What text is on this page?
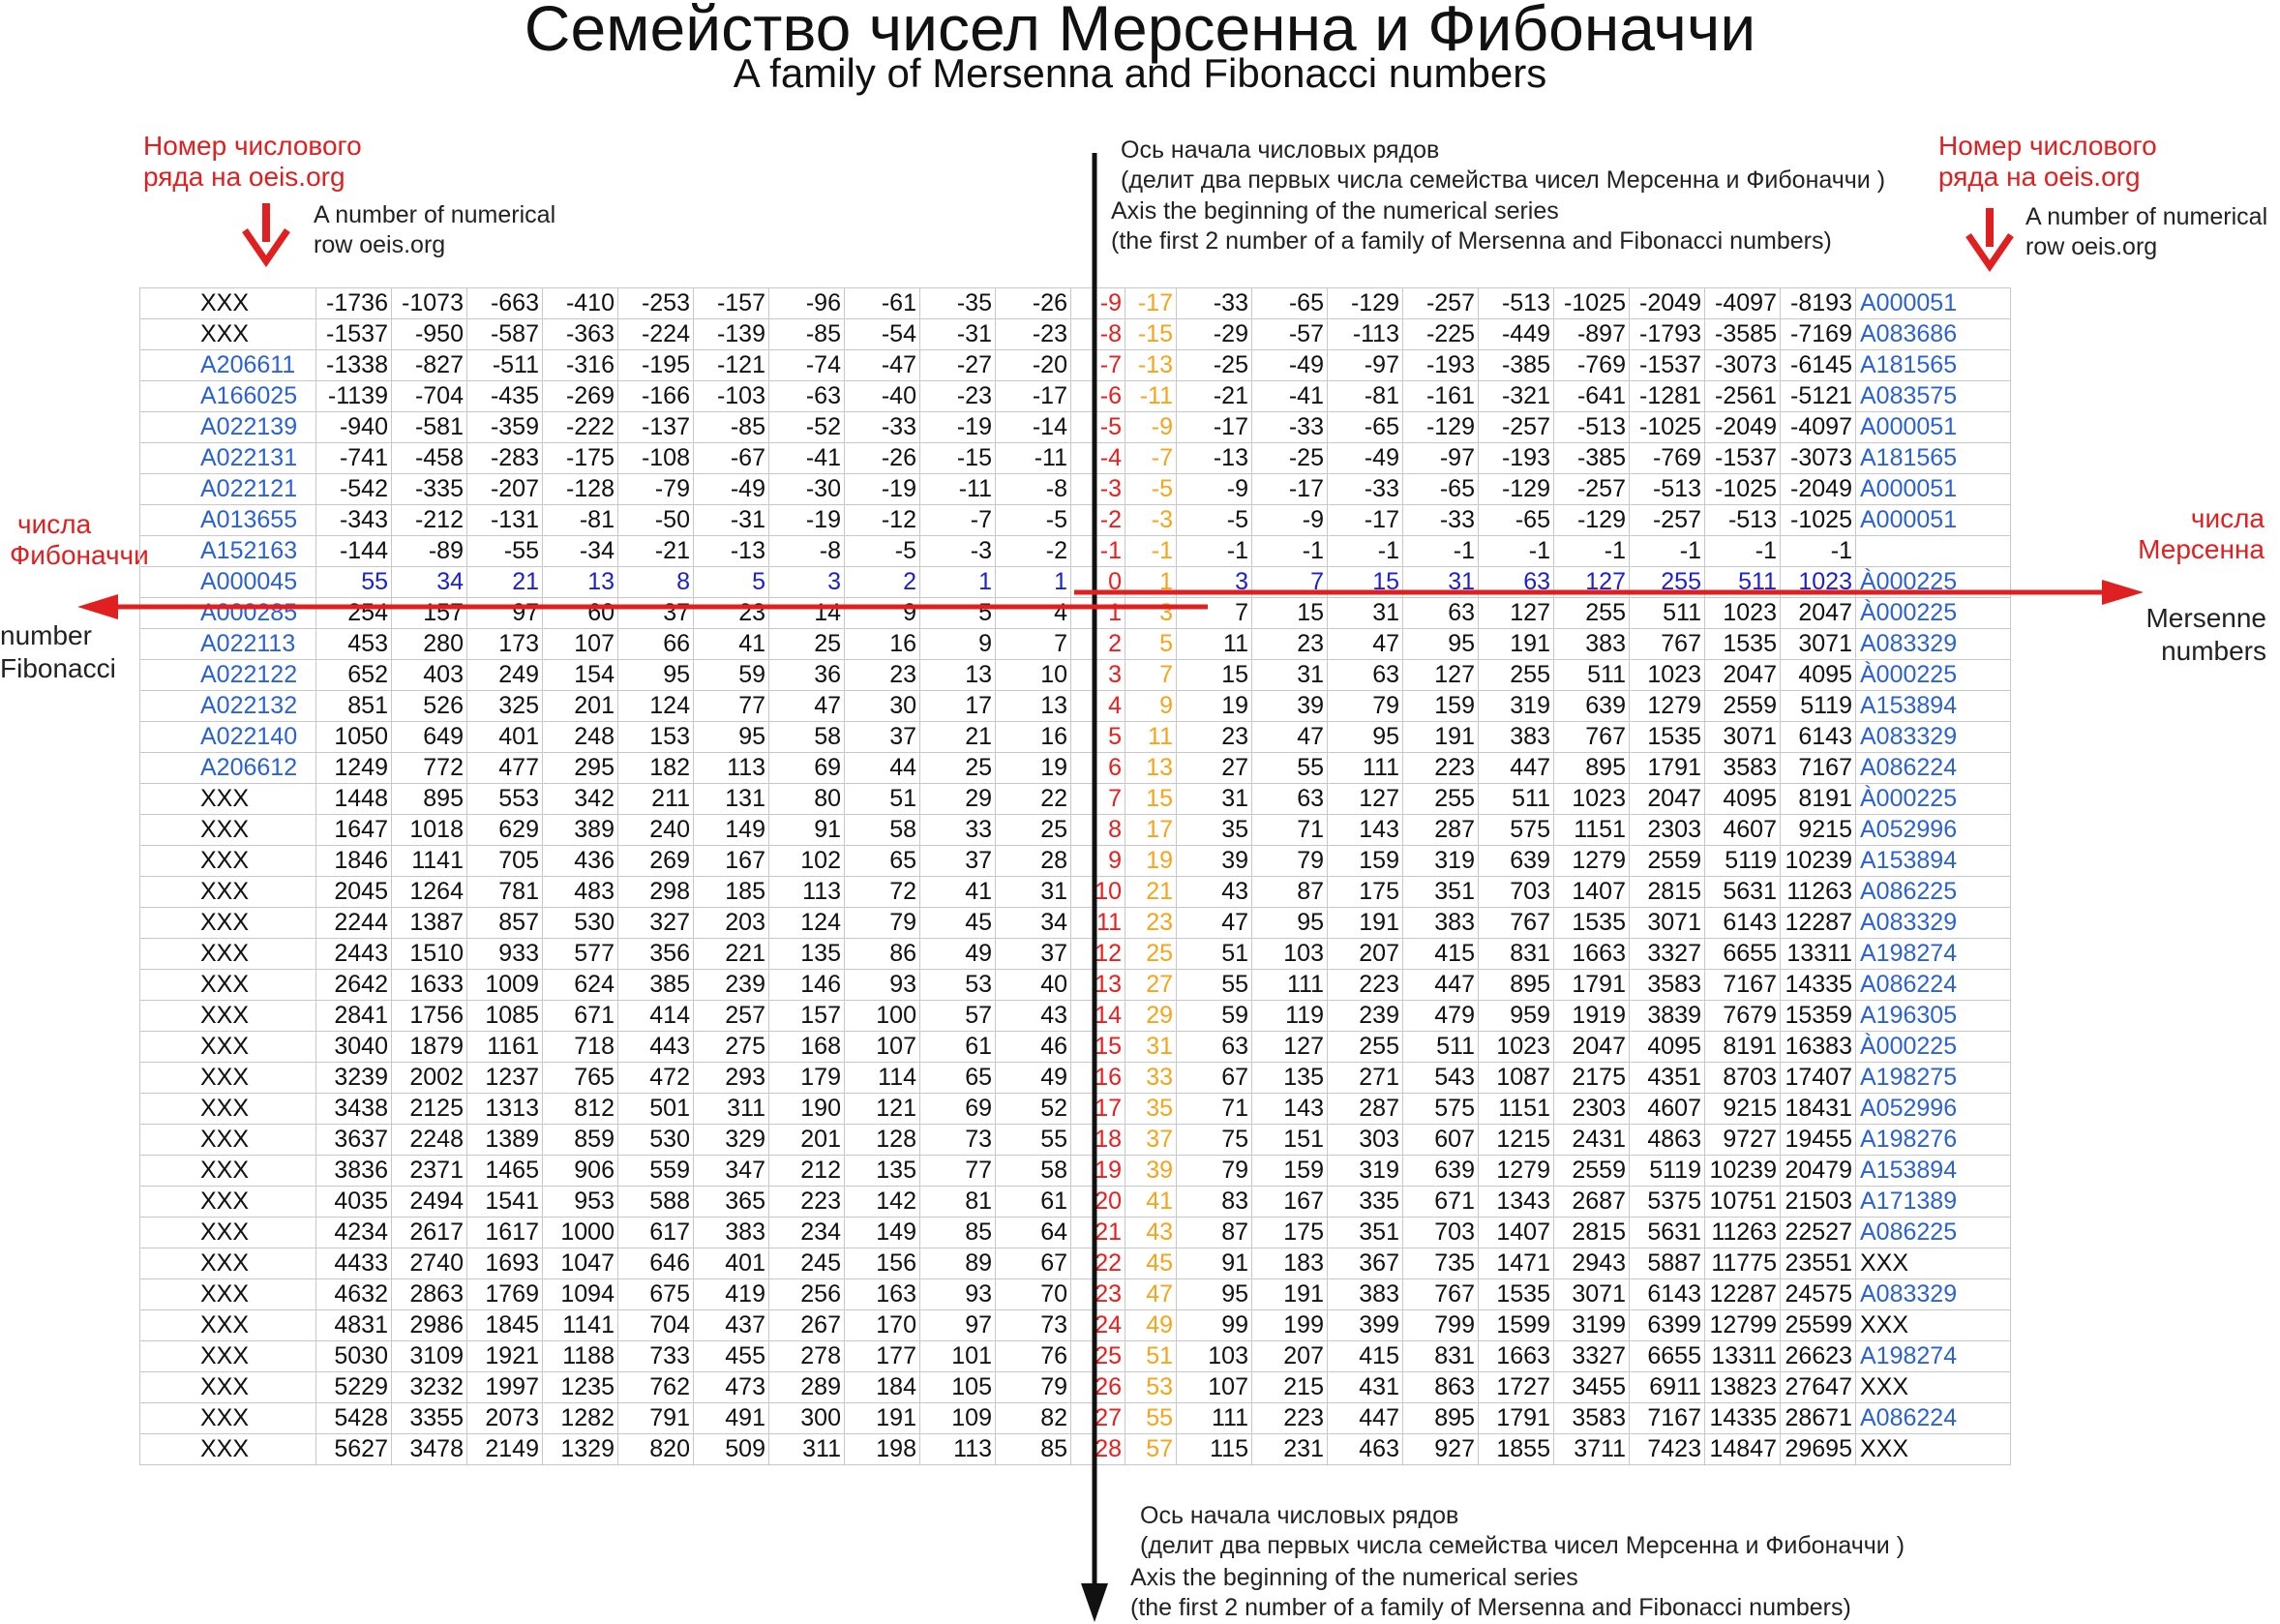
Семейство чисел Мерсенна и Фибоначчи
A family of Mersenna and Fibonacci numbers
Номер числового
ряда на oeis.org
A number of numerical
row oeis.org
Номер числового
ряда на oeis.org
A number of numerical
row oeis.org
Ось начала числовых рядов
(делит два первых числа семейства чисел Мерсенна и Фибоначчи )
Axis the beginning of the numerical series
(the first 2 number of a family of Mersenna and Fibonacci numbers)
числа
Фибоначчи
number
Fibonacci
числа
Мерсенна
Mersenne
numbers
Ось начала числовых рядов
(делит два первых числа семейства чисел Мерсенна и Фибоначчи )
Axis the beginning of the numerical series
(the first 2 number of a family of Mersenna and Fibonacci numbers)
XXX	-1736	-1073	-663	-410	-253	-157	-96	-61	-35	-26	-9	-17	-33	-65	-129	-257	-513	-1025	-2049	-4097	-8193	A000051
XXX	-1537	-950	-587	-363	-224	-139	-85	-54	-31	-23	-8	-15	-29	-57	-113	-225	-449	-897	-1793	-3585	-7169	A083686
A206611	-1338	-827	-511	-316	-195	-121	-74	-47	-27	-20	-7	-13	-25	-49	-97	-193	-385	-769	-1537	-3073	-6145	A181565
A166025	-1139	-704	-435	-269	-166	-103	-63	-40	-23	-17	-6	-11	-21	-41	-81	-161	-321	-641	-1281	-2561	-5121	A083575
A022139	-940	-581	-359	-222	-137	-85	-52	-33	-19	-14	-5	-9	-17	-33	-65	-129	-257	-513	-1025	-2049	-4097	A000051
A022131	-741	-458	-283	-175	-108	-67	-41	-26	-15	-11	-4	-7	-13	-25	-49	-97	-193	-385	-769	-1537	-3073	A181565
A022121	-542	-335	-207	-128	-79	-49	-30	-19	-11	-8	-3	-5	-9	-17	-33	-65	-129	-257	-513	-1025	-2049	A000051
A013655	-343	-212	-131	-81	-50	-31	-19	-12	-7	-5	-2	-3	-5	-9	-17	-33	-65	-129	-257	-513	-1025	A000051
A152163	-144	-89	-55	-34	-21	-13	-8	-5	-3	-2	-1	-1	-1	-1	-1	-1	-1	-1	-1	-1	-1	
A000045	55	34	21	13	8	5	3	2	1	1	0	1	3	7	15	31	63	127	255	511	1023	À000225
A000285	254	157	97	60	37	23	14	9	5	4	1	3	7	15	31	63	127	255	511	1023	2047	À000225
A022113	453	280	173	107	66	41	25	16	9	7	2	5	11	23	47	95	191	383	767	1535	3071	A083329
A022122	652	403	249	154	95	59	36	23	13	10	3	7	15	31	63	127	255	511	1023	2047	4095	À000225
A022132	851	526	325	201	124	77	47	30	17	13	4	9	19	39	79	159	319	639	1279	2559	5119	A153894
A022140	1050	649	401	248	153	95	58	37	21	16	5	11	23	47	95	191	383	767	1535	3071	6143	A083329
A206612	1249	772	477	295	182	113	69	44	25	19	6	13	27	55	111	223	447	895	1791	3583	7167	A086224
XXX	1448	895	553	342	211	131	80	51	29	22	7	15	31	63	127	255	511	1023	2047	4095	8191	À000225
XXX	1647	1018	629	389	240	149	91	58	33	25	8	17	35	71	143	287	575	1151	2303	4607	9215	A052996
XXX	1846	1141	705	436	269	167	102	65	37	28	9	19	39	79	159	319	639	1279	2559	5119	10239	A153894
XXX	2045	1264	781	483	298	185	113	72	41	31	10	21	43	87	175	351	703	1407	2815	5631	11263	A086225
XXX	2244	1387	857	530	327	203	124	79	45	34	11	23	47	95	191	383	767	1535	3071	6143	12287	A083329
XXX	2443	1510	933	577	356	221	135	86	49	37	12	25	51	103	207	415	831	1663	3327	6655	13311	A198274
XXX	2642	1633	1009	624	385	239	146	93	53	40	13	27	55	111	223	447	895	1791	3583	7167	14335	A086224
XXX	2841	1756	1085	671	414	257	157	100	57	43	14	29	59	119	239	479	959	1919	3839	7679	15359	A196305
XXX	3040	1879	1161	718	443	275	168	107	61	46	15	31	63	127	255	511	1023	2047	4095	8191	16383	À000225
XXX	3239	2002	1237	765	472	293	179	114	65	49	16	33	67	135	271	543	1087	2175	4351	8703	17407	A198275
XXX	3438	2125	1313	812	501	311	190	121	69	52	17	35	71	143	287	575	1151	2303	4607	9215	18431	A052996
XXX	3637	2248	1389	859	530	329	201	128	73	55	18	37	75	151	303	607	1215	2431	4863	9727	19455	A198276
XXX	3836	2371	1465	906	559	347	212	135	77	58	19	39	79	159	319	639	1279	2559	5119	10239	20479	A153894
XXX	4035	2494	1541	953	588	365	223	142	81	61	20	41	83	167	335	671	1343	2687	5375	10751	21503	A171389
XXX	4234	2617	1617	1000	617	383	234	149	85	64	21	43	87	175	351	703	1407	2815	5631	11263	22527	A086225
XXX	4433	2740	1693	1047	646	401	245	156	89	67	22	45	91	183	367	735	1471	2943	5887	11775	23551	XXX
XXX	4632	2863	1769	1094	675	419	256	163	93	70	23	47	95	191	383	767	1535	3071	6143	12287	24575	A083329
XXX	4831	2986	1845	1141	704	437	267	170	97	73	24	49	99	199	399	799	1599	3199	6399	12799	25599	XXX
XXX	5030	3109	1921	1188	733	455	278	177	101	76	25	51	103	207	415	831	1663	3327	6655	13311	26623	A198274
XXX	5229	3232	1997	1235	762	473	289	184	105	79	26	53	107	215	431	863	1727	3455	6911	13823	27647	XXX
XXX	5428	3355	2073	1282	791	491	300	191	109	82	27	55	111	223	447	895	1791	3583	7167	14335	28671	A086224
XXX	5627	3478	2149	1329	820	509	311	198	113	85	28	57	115	231	463	927	1855	3711	7423	14847	29695	XXX
